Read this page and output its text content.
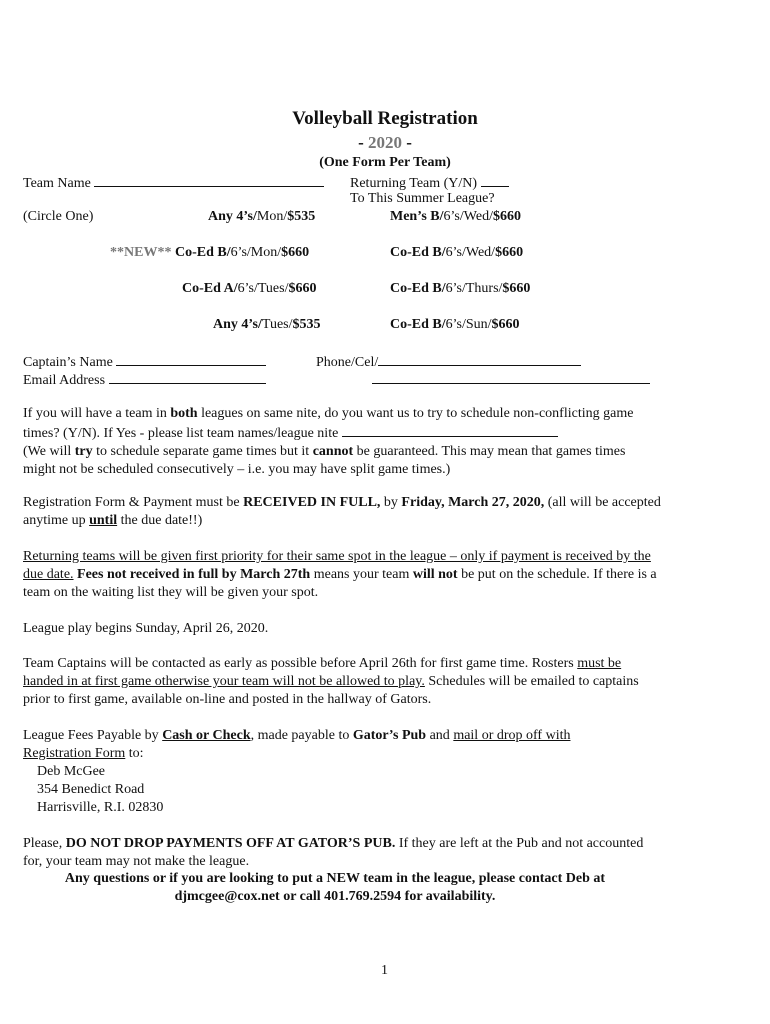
Volleyball Registration
- 2020 -
(One Form Per Team)
Team Name	Returning Team (Y/N)
To This Summer League?
(Circle One)	Any 4’s/Mon/$535	Men’s B/6’s/Wed/$660
**NEW** Co-Ed B/6’s/Mon/$660	Co-Ed B/6’s/Wed/$660
Co-Ed A/6’s/Tues/$660	Co-Ed B/6’s/Thurs/$660
Any 4’s/Tues/$535	Co-Ed B/6’s/Sun/$660
Captain’s Name	Phone/Cel/
Email Address
If you will have a team in both leagues on same nite, do you want us to try to schedule non-conflicting game times? (Y/N). If Yes - please list team names/league nite
(We will try to schedule separate game times but it cannot be guaranteed. This may mean that games times might not be scheduled consecutively – i.e. you may have split game times.)
Registration Form & Payment must be RECEIVED IN FULL, by Friday, March 27, 2020, (all will be accepted anytime up until the due date!!)
Returning teams will be given first priority for their same spot in the league – only if payment is received by the due date. Fees not received in full by March 27th means your team will not be put on the schedule. If there is a team on the waiting list they will be given your spot.
League play begins Sunday, April 26, 2020.
Team Captains will be contacted as early as possible before April 26th for first game time. Rosters must be handed in at first game otherwise your team will not be allowed to play. Schedules will be emailed to captains prior to first game, available on-line and posted in the hallway of Gators.
League Fees Payable by Cash or Check, made payable to Gator’s Pub and mail or drop off with Registration Form to:
Deb McGee
354 Benedict Road
Harrisville, R.I. 02830
Please, DO NOT DROP PAYMENTS OFF AT GATOR’S PUB. If they are left at the Pub and not accounted for, your team may not make the league.
Any questions or if you are looking to put a NEW team in the league, please contact Deb at
djmcgee@cox.net or call 401.769.2594 for availability.
1
